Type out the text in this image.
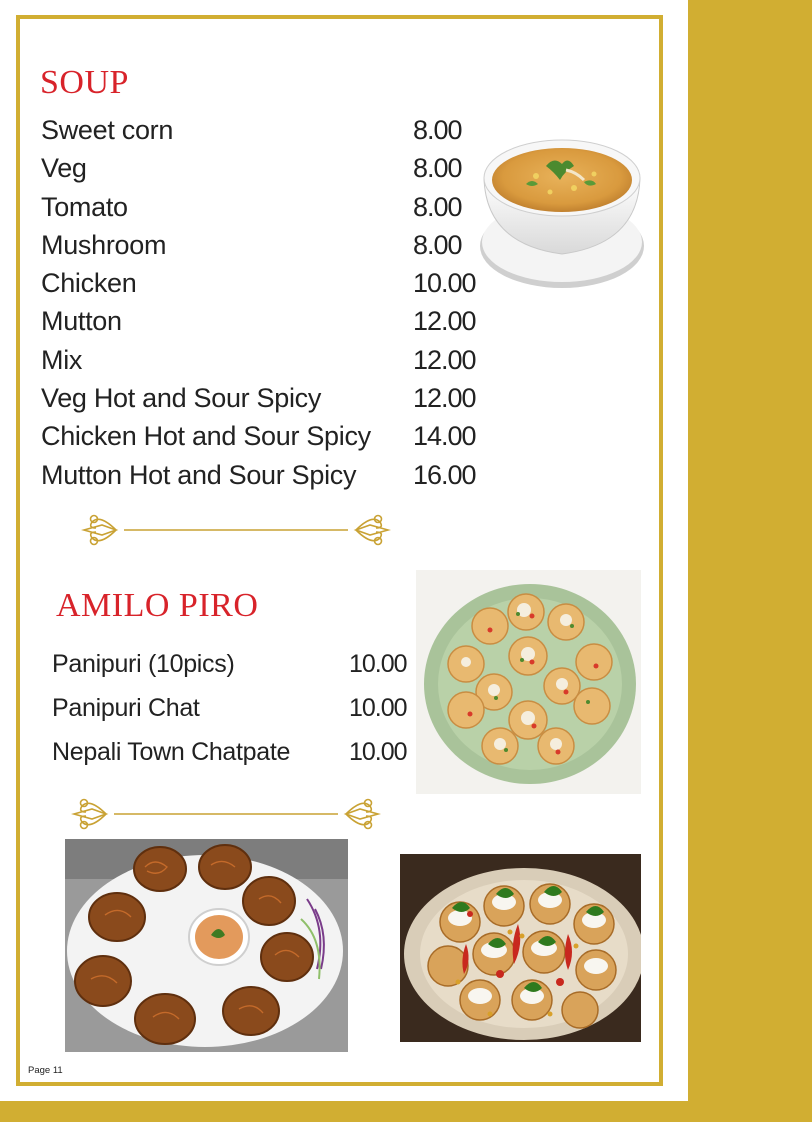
SOUP
Sweet corn	8.00
Veg	8.00
Tomato	8.00
Mushroom	8.00
Chicken	10.00
Mutton	12.00
Mix	12.00
Veg Hot and Sour Spicy	12.00
Chicken Hot and Sour Spicy 14.00
Mutton Hot and Sour Spicy 16.00
AMILO PIRO
Panipuri (10pics)	10.00
Panipuri Chat	10.00
Nepali Town Chatpate 10.00
Page 11
